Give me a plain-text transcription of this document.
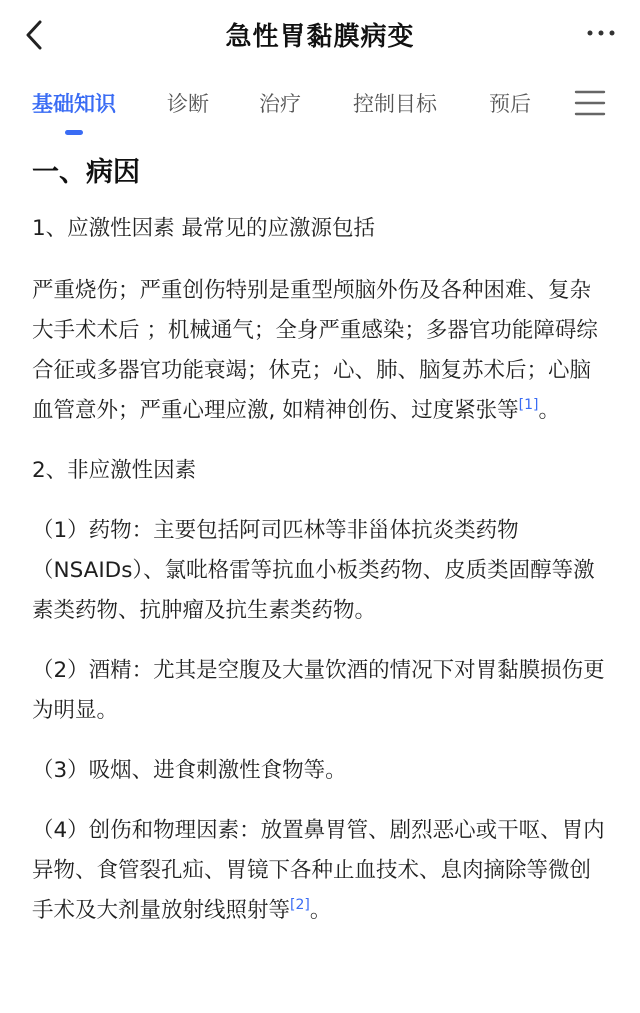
急性胃黏膜病变
基础知识 诊断 治疗 控制目标 预后
一、病因

1、应激性因素 最常见的应激源包括

严重烧伤；严重创伤特别是重型颅脑外伤及各种困难、复杂大手术术后 ；机械通气；全身严重感染；多器官功能障碍综合征或多器官功能衰竭；休克；心、肺、脑复苏术后；心脑血管意外；严重心理应激, 如精神创伤、过度紧张等[1]。

2、非应激性因素

（1）药物：主要包括阿司匹林等非甾体抗炎类药物（NSAIDs）、氯吡格雷等抗血小板类药物、皮质类固醇等激素类药物、抗肿瘤及抗生素类药物。

（2）酒精：尤其是空腹及大量饮酒的情况下对胃黏膜损伤更为明显。

（3）吸烟、进食刺激性食物等。

（4）创伤和物理因素：放置鼻胃管、剧烈恶心或干呕、胃内异物、食管裂孔疝、胃镜下各种止血技术、息肉摘除等微创手术及大剂量放射线照射等[2]。
